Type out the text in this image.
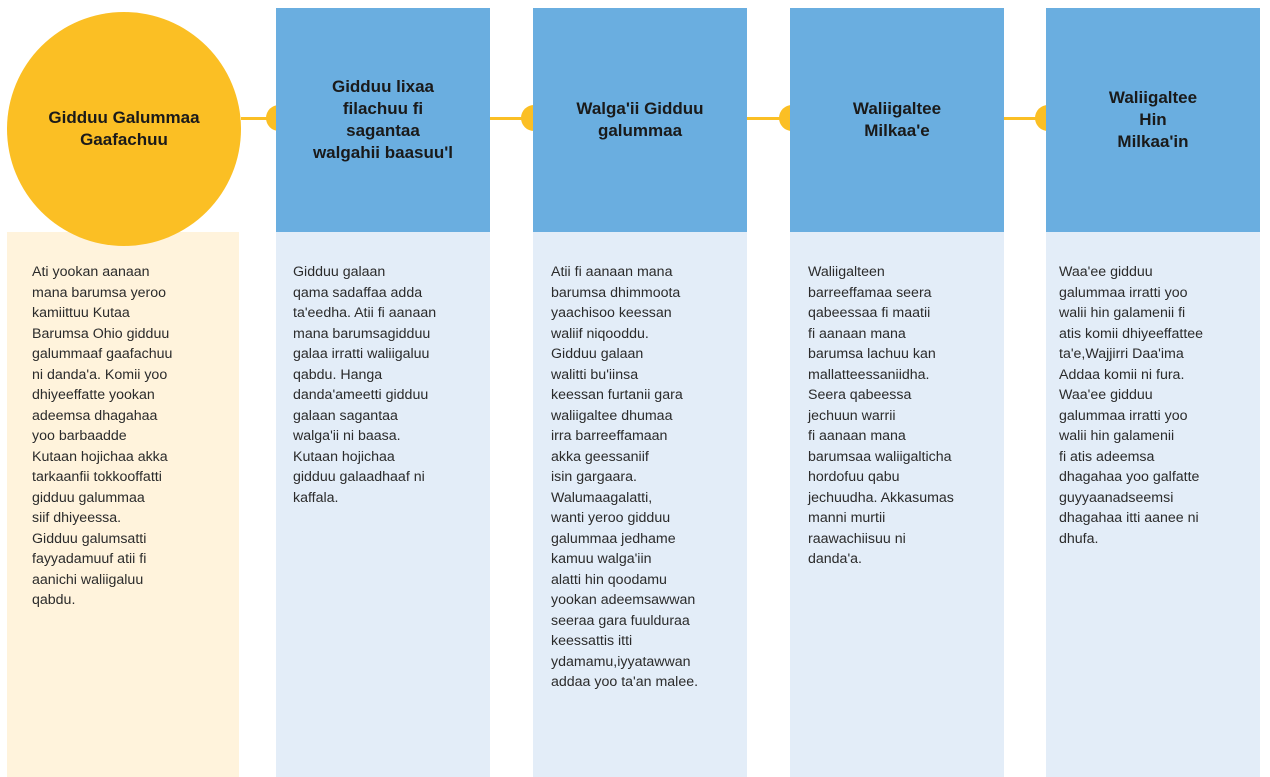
Gidduu Galummaa
Gaafachuu
Ati yookan aanaan
mana barumsa yeroo
kamiittuu Kutaa
Barumsa Ohio gidduu
galummaaf gaafachuu
ni danda'a. Komii yoo
dhiyeeffatte yookan
adeemsa dhagahaa
yoo barbaadde
Kutaan hojichaa akka
tarkaanfii tokkooffatti
gidduu galummaa
siif dhiyeessa.
Gidduu galumsatti
fayyadamuuf atii fi
aanichi waliigaluu
qabdu.
Gidduu lixaa
filachuu fi
sagantaa
walgahii baasuu'l
Gidduu galaan
qama sadaffaa adda
ta'eedha. Atii fi aanaan
mana barumsagidduu
galaa irratti waliigaluu
qabdu. Hanga
danda'ameetti gidduu
galaan sagantaa
walga'ii ni baasa.
Kutaan hojichaa
gidduu galaadhaaf ni
kaffala.
Walga'ii Gidduu
galummaa
Atii fi aanaan mana
barumsa dhimmoota
yaachisoo keessan
waliif niqooddu.
Gidduu galaan
walitti bu'iinsa
keessan furtanii gara
waliigaltee dhumaa
irra barreeffamaan
akka geessaniif
isin gargaara.
Walumaagalatti,
wanti yeroo gidduu
galummaa jedhame
kamuu walga'iin
alatti hin qoodamu
yookan adeemsawwan
seeraa gara fuulduraa
keessattis itti
ydamamu,iyyatawwan
addaa yoo ta'an malee.
Waliigaltee
Milkaa'e
Waliigalteen
barreeffamaa seera
qabeessaa fi maatii
fi aanaan mana
barumsa lachuu kan
mallatteessaniidha.
Seera qabeessa
jechuun warrii
fi aanaan mana
barumsaa waliigalticha
hordofuu qabu
jechuudha. Akkasumas
manni murtii
raawachiisuu ni
danda'a.
Waliigaltee
Hin
Milkaa'in
Waa'ee gidduu
galummaa irratti yoo
walii hin galamenii fi
atis komii dhiyeeffattee
ta'e,Wajjirri Daa'ima
Addaa komii ni fura.
Waa'ee gidduu
galummaa irratti yoo
walii hin galamenii
fi atis adeemsa
dhagahaa yoo galfatte
guyyaanadseemsi
dhagahaa itti aanee ni
dhufa.
